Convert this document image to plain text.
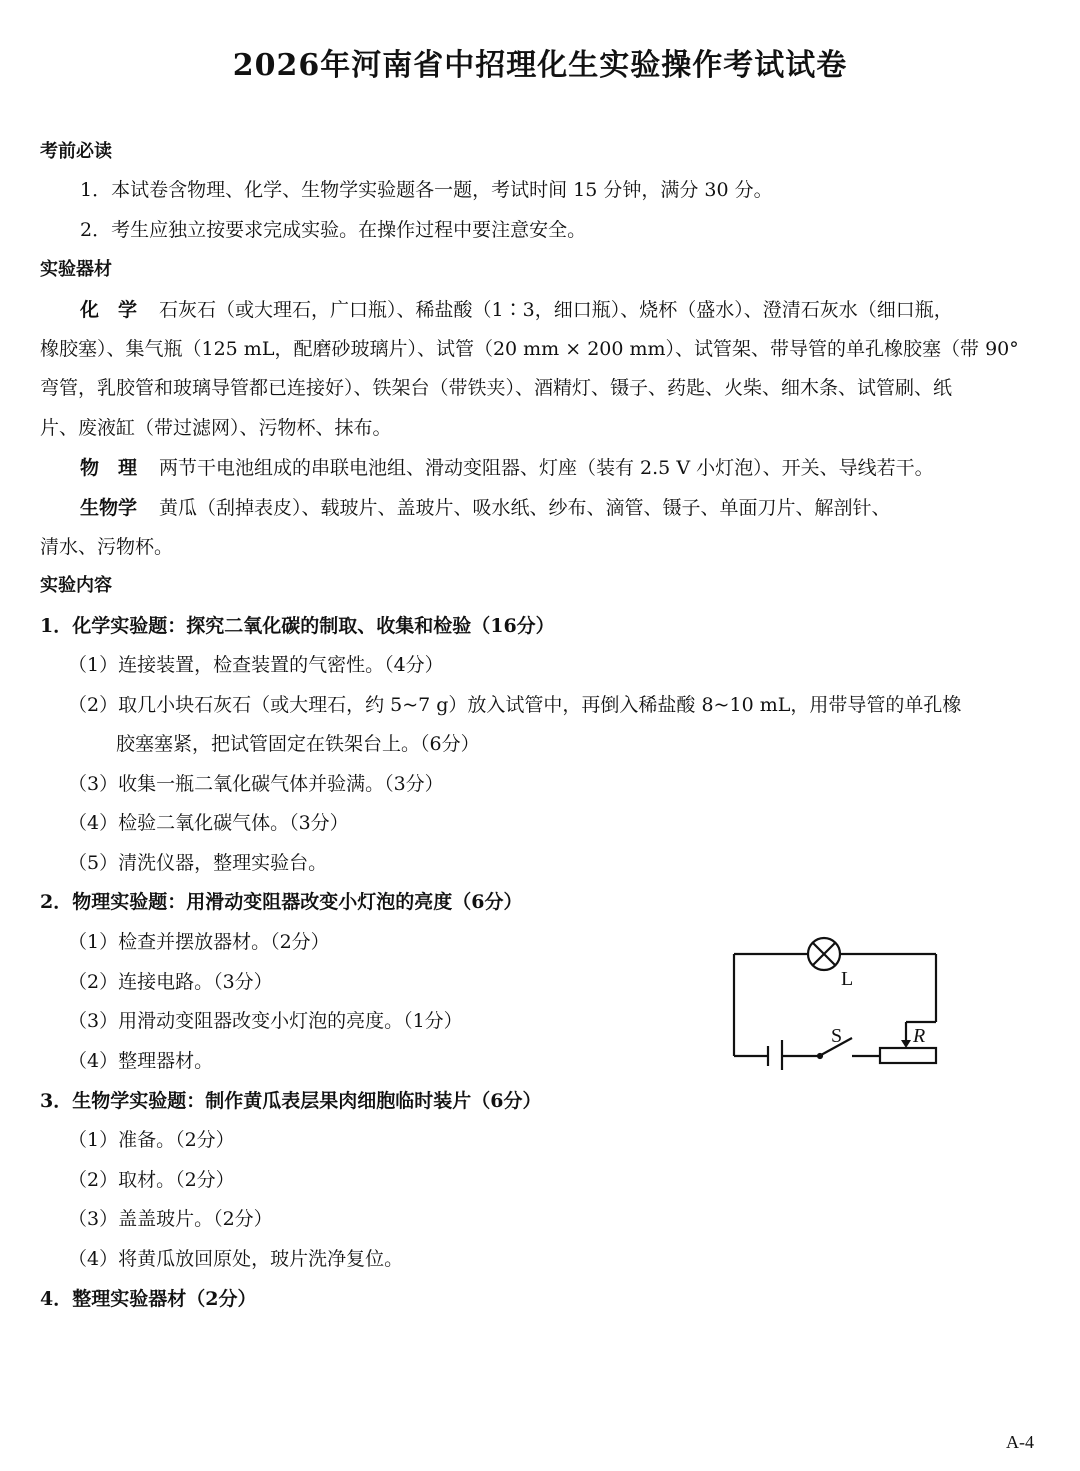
2026年河南省中招理化生实验操作考试试卷
考前必读
1．本试卷含物理、化学、生物学实验题各一题，考试时间 15 分钟，满分 30 分。
2．考生应独立按要求完成实验。在操作过程中要注意安全。
实验器材
化　学 石灰石（或大理石，广口瓶）、稀盐酸（1∶3，细口瓶）、烧杯（盛水）、澄清石灰水（细口瓶，
橡胶塞）、集气瓶（125 mL，配磨砂玻璃片）、试管（20 mm × 200 mm）、试管架、带导管的单孔橡胶塞（带 90°
弯管，乳胶管和玻璃导管都已连接好）、铁架台（带铁夹）、酒精灯、镊子、药匙、火柴、细木条、试管刷、纸
片、废液缸（带过滤网）、污物杯、抹布。
物　理 两节干电池组成的串联电池组、滑动变阻器、灯座（装有 2.5 V 小灯泡）、开关、导线若干。
生物学 黄瓜（刮掉表皮）、载玻片、盖玻片、吸水纸、纱布、滴管、镊子、单面刀片、解剖针、
清水、污物杯。
实验内容
1．化学实验题：探究二氧化碳的制取、收集和检验（16分）
（1）连接装置，检查装置的气密性。（4分）
（2）取几小块石灰石（或大理石，约 5~7 g）放入试管中，再倒入稀盐酸 8~10 mL，用带导管的单孔橡
胶塞塞紧，把试管固定在铁架台上。（6分）
（3）收集一瓶二氧化碳气体并验满。（3分）
（4）检验二氧化碳气体。（3分）
（5）清洗仪器，整理实验台。
2．物理实验题：用滑动变阻器改变小灯泡的亮度（6分）
（1）检查并摆放器材。（2分）
（2）连接电路。（3分）
（3）用滑动变阻器改变小灯泡的亮度。（1分）
（4）整理器材。
L
S	R
3．生物学实验题：制作黄瓜表层果肉细胞临时装片（6分）
（1）准备。（2分）
（2）取材。（2分）
（3）盖盖玻片。（2分）
（4）将黄瓜放回原处，玻片洗净复位。
4．整理实验器材（2分）
A-4
